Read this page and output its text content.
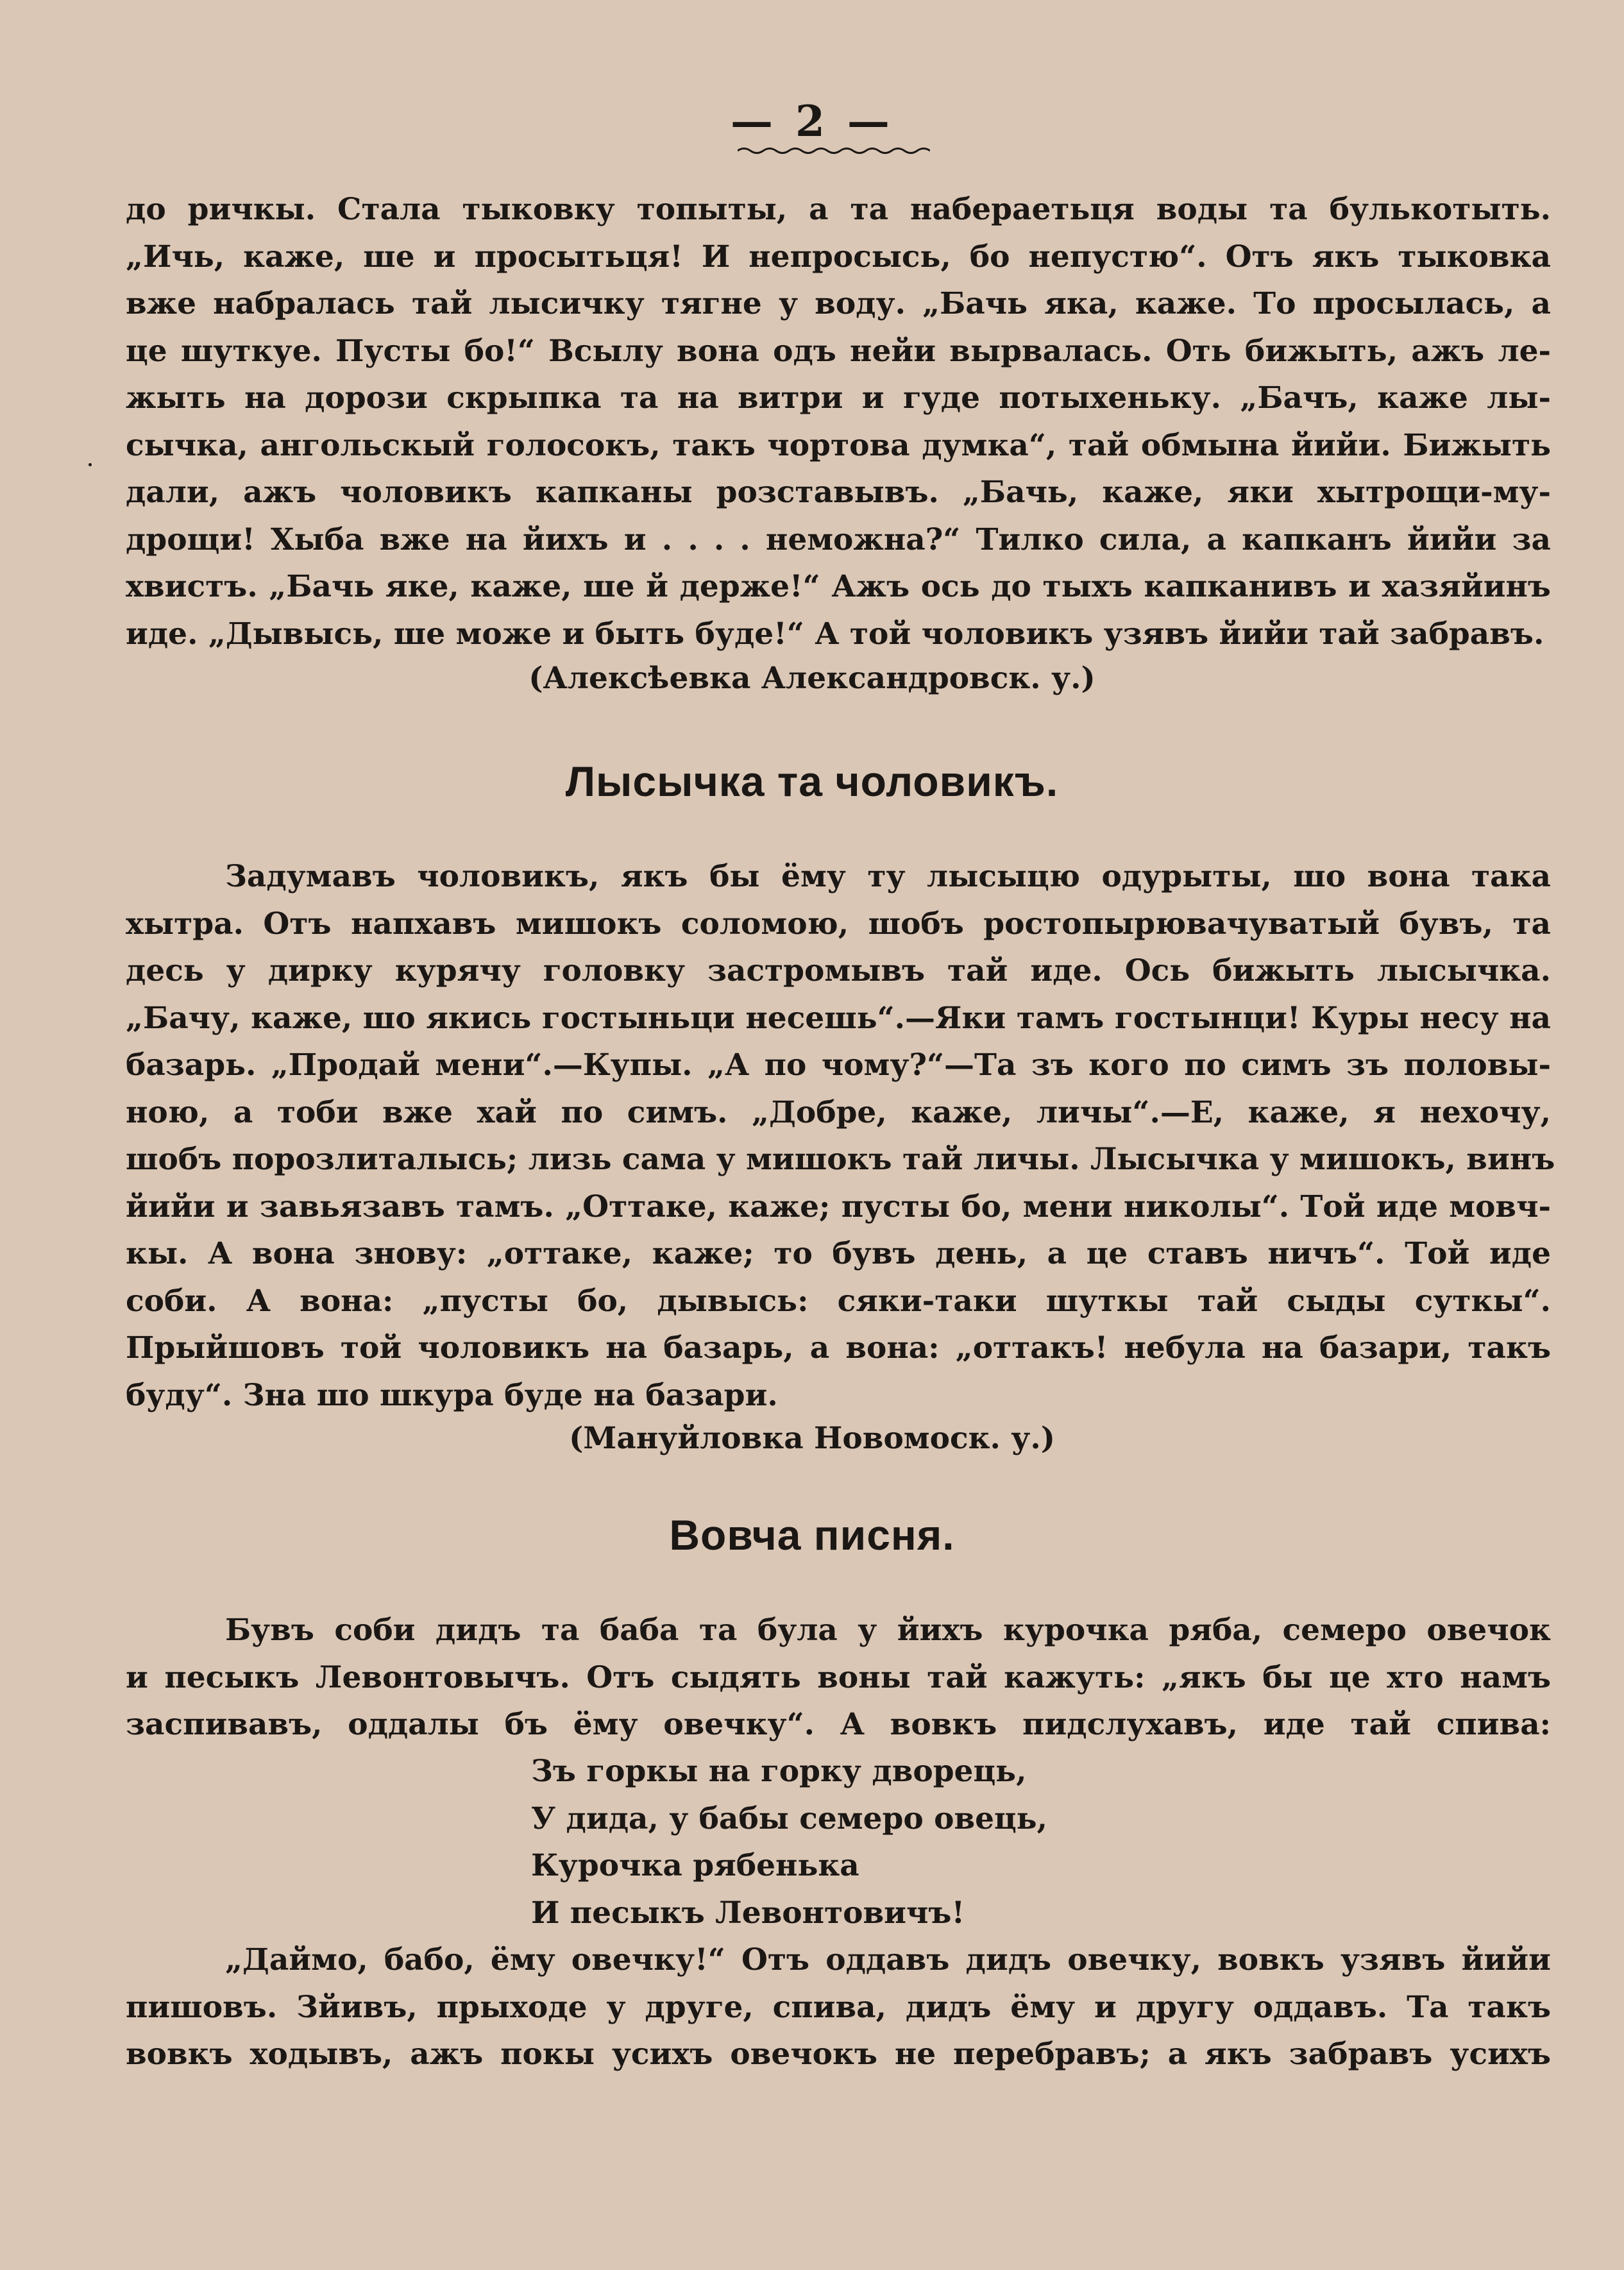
— 2 —
до ричкы. Стала тыковку топыты, а та набераетьця воды та булькотыть.
„Ичь, каже, ше и просытьця! И непросысь, бо непустю“. Отъ якъ тыковка
вже набралась тай лысичку тягне у воду. „Бачь яка, каже. То просылась, а
це шуткуе. Пусты бо!“ Всылу вона одъ нейи вырвалась. Оть бижыть, ажъ ле-
жыть на дорози скрыпка та на витри и гуде потыхеньку. „Бачъ, каже лы-
сычка, ангольскый голосокъ, такъ чортова думка“, тай обмына йийи. Бижыть
дали, ажъ чоловикъ капканы розставывъ. „Бачь, каже, яки хытрощи-му-
дрощи! Хыба вже на йихъ и . . . . неможна?“ Тилко сила, а капканъ йийи за
хвистъ. „Бачь яке, каже, ше й держе!“ Ажъ ось до тыхъ капканивъ и хазяйинъ
иде. „Дывысь, ше може и быть буде!“ А той чоловикъ узявъ йийи тай забравъ.
(Алексѣевка Александровск. у.)
Лысычка та чоловикъ.
Задумавъ чоловикъ, якъ бы ёму ту лысыцю одурыты, шо вона така
хытра. Отъ напхавъ мишокъ соломою, шобъ ростопырювачуватый бувъ, та
десь у дирку курячу головку застромывъ тай иде. Ось бижыть лысычка.
„Бачу, каже, шо якись гостыньци несешь“.—Яки тамъ гостынци! Куры несу на
базарь. „Продай мени“.—Купы. „А по чому?“—Та зъ кого по симъ зъ половы-
ною, а тоби вже хай по симъ. „Добре, каже, личы“.—Е, каже, я нехочу,
шобъ порозлиталысь; лизь сама у мишокъ тай личы. Лысычка у мишокъ, винъ
йийи и завьязавъ тамъ. „Оттаке, каже; пусты бо, мени николы“. Той иде мовч-
кы. А вона знову: „оттаке, каже; то бувъ день, а це ставъ ничъ“. Той иде
соби. А вона: „пусты бо, дывысь: сяки-таки шуткы тай сыды суткы“.
Прыйшовъ той чоловикъ на базарь, а вона: „оттакъ! небула на базари, такъ
буду“. Зна шо шкура буде на базари.
(Мануйловка Новомоск. у.)
Вовча писня.
Бувъ соби дидъ та баба та була у йихъ курочка ряба, семеро овечок
и песыкъ Левонтовычъ. Отъ сыдять воны тай кажуть: „якъ бы це хто намъ
заспивавъ, оддалы бъ ёму овечку“. А вовкъ пидслухавъ, иде тай спива:
Зъ горкы на горку дворець,
У дида, у бабы семеро овець,
Курочка рябенька
И песыкъ Левонтовичъ!
„Даймо, бабо, ёму овечку!“ Отъ оддавъ дидъ овечку, вовкъ узявъ йийи
пишовъ. Зйивъ, прыходе у друге, спива, дидъ ёму и другу оддавъ. Та такъ
вовкъ ходывъ, ажъ покы усихъ овечокъ не перебравъ; а якъ забравъ усихъ
